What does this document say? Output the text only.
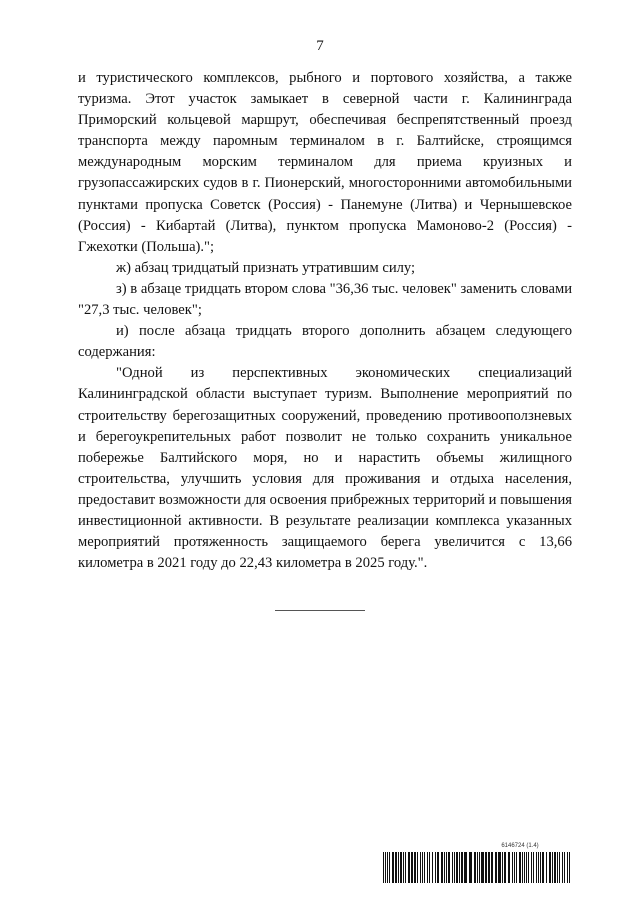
7

и туристического комплексов, рыбного и портового хозяйства, а также туризма. Этот участок замыкает в северной части г. Калининграда Приморский кольцевой маршрут, обеспечивая беспрепятственный проезд транспорта между паромным терминалом в г. Балтийске, строящимся международным морским терминалом для приема круизных и грузопассажирских судов в г. Пионерский, многосторонними автомобильными пунктами пропуска Советск (Россия) - Панемуне (Литва) и Чернышевское (Россия) - Кибартай (Литва), пунктом пропуска Мамоново-2 (Россия) - Гжехотки (Польша).";

ж) абзац тридцатый признать утратившим силу;

з) в абзаце тридцать втором слова "36,36 тыс. человек" заменить словами "27,3 тыс. человек";

и) после абзаца тридцать второго дополнить абзацем следующего содержания:

"Одной из перспективных экономических специализаций Калининградской области выступает туризм. Выполнение мероприятий по строительству берегозащитных сооружений, проведению противооползневых и берегоукрепительных работ позволит не только сохранить уникальное побережье Балтийского моря, но и нарастить объемы жилищного строительства, улучшить условия для проживания и отдыха населения, предоставит возможности для освоения прибрежных территорий и повышения инвестиционной активности. В результате реализации комплекса указанных мероприятий протяженность защищаемого берега увеличится с 13,66 километра в 2021 году до 22,43 километра в 2025 году.".

6146724 (1.4)
